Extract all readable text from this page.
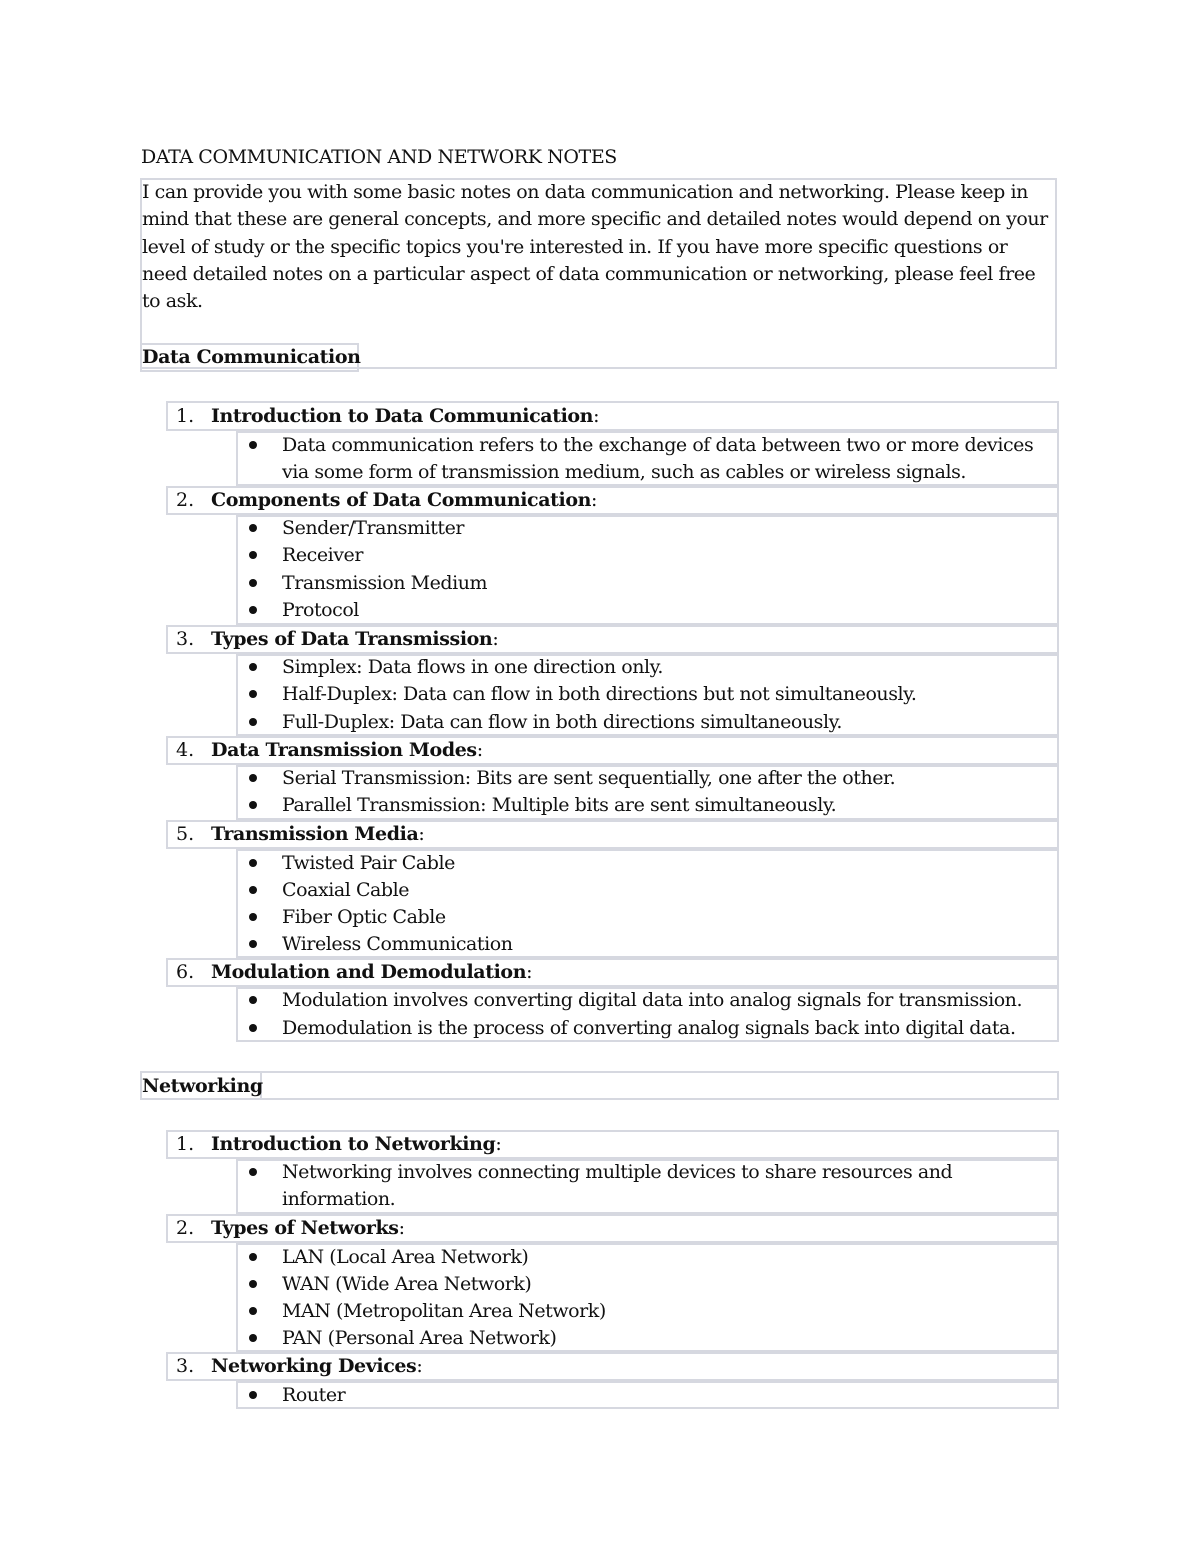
DATA COMMUNICATION AND NETWORK NOTES
I can provide you with some basic notes on data communication and networking. Please keep in mind that these are general concepts, and more specific and detailed notes would depend on your level of study or the specific topics you're interested in. If you have more specific questions or need detailed notes on a particular aspect of data communication or networking, please feel free to ask.
Data Communication
1. Introduction to Data Communication:
Data communication refers to the exchange of data between two or more devices via some form of transmission medium, such as cables or wireless signals.
2. Components of Data Communication:
Sender/Transmitter
Receiver
Transmission Medium
Protocol
3. Types of Data Transmission:
Simplex: Data flows in one direction only.
Half-Duplex: Data can flow in both directions but not simultaneously.
Full-Duplex: Data can flow in both directions simultaneously.
4. Data Transmission Modes:
Serial Transmission: Bits are sent sequentially, one after the other.
Parallel Transmission: Multiple bits are sent simultaneously.
5. Transmission Media:
Twisted Pair Cable
Coaxial Cable
Fiber Optic Cable
Wireless Communication
6. Modulation and Demodulation:
Modulation involves converting digital data into analog signals for transmission.
Demodulation is the process of converting analog signals back into digital data.
Networking
1. Introduction to Networking:
Networking involves connecting multiple devices to share resources and information.
2. Types of Networks:
LAN (Local Area Network)
WAN (Wide Area Network)
MAN (Metropolitan Area Network)
PAN (Personal Area Network)
3. Networking Devices:
Router
